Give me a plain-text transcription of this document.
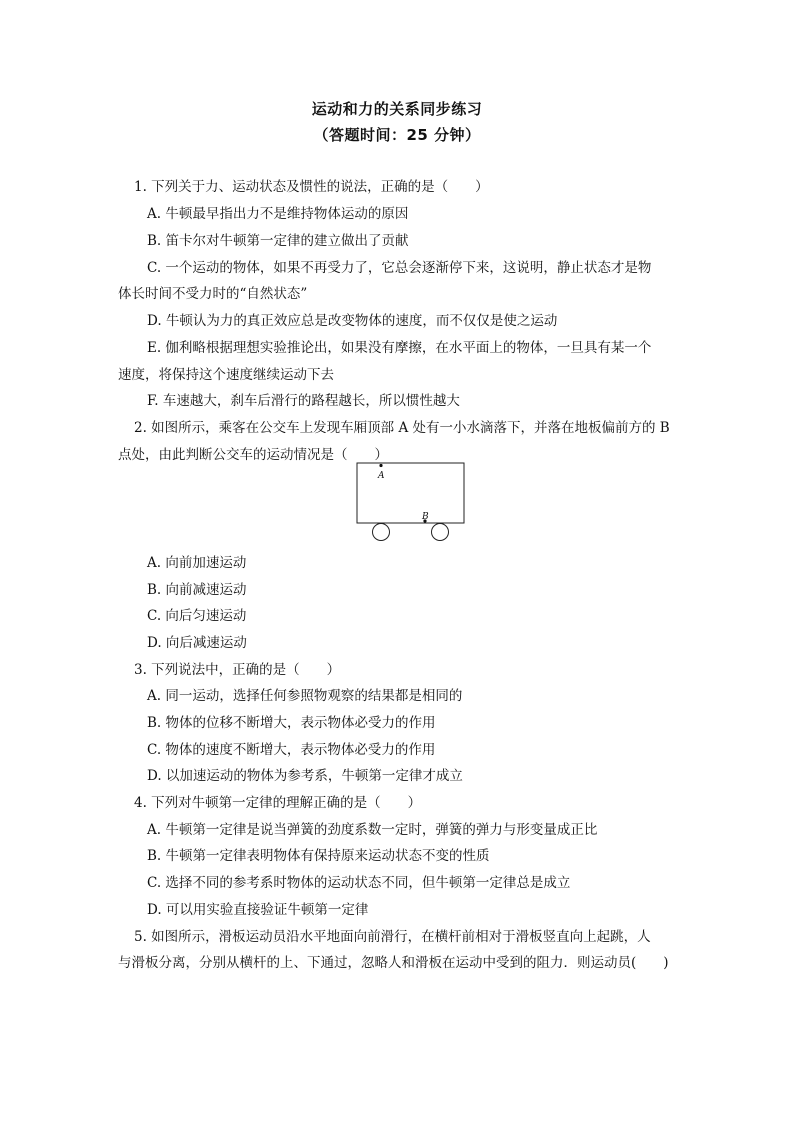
运动和力的关系同步练习
（答题时间：25 分钟）
1. 下列关于力、运动状态及惯性的说法，正确的是（　　）
A. 牛顿最早指出力不是维持物体运动的原因
B. 笛卡尔对牛顿第一定律的建立做出了贡献
C. 一个运动的物体，如果不再受力了，它总会逐渐停下来，这说明，静止状态才是物
体长时间不受力时的“自然状态”
D. 牛顿认为力的真正效应总是改变物体的速度，而不仅仅是使之运动
E. 伽利略根据理想实验推论出，如果没有摩擦，在水平面上的物体，一旦具有某一个
速度，将保持这个速度继续运动下去
F. 车速越大，刹车后滑行的路程越长，所以惯性越大
2. 如图所示，乘客在公交车上发现车厢顶部 A 处有一小水滴落下，并落在地板偏前方的 B
点处，由此判断公交车的运动情况是（　　）
A
B
A. 向前加速运动
B. 向前减速运动
C. 向后匀速运动
D. 向后减速运动
3. 下列说法中，正确的是（　　）
A. 同一运动，选择任何参照物观察的结果都是相同的
B. 物体的位移不断增大，表示物体必受力的作用
C. 物体的速度不断增大，表示物体必受力的作用
D. 以加速运动的物体为参考系，牛顿第一定律才成立
4. 下列对牛顿第一定律的理解正确的是（　　）
A. 牛顿第一定律是说当弹簧的劲度系数一定时，弹簧的弹力与形变量成正比
B. 牛顿第一定律表明物体有保持原来运动状态不变的性质
C. 选择不同的参考系时物体的运动状态不同，但牛顿第一定律总是成立
D. 可以用实验直接验证牛顿第一定律
5. 如图所示，滑板运动员沿水平地面向前滑行，在横杆前相对于滑板竖直向上起跳，人
与滑板分离，分别从横杆的上、下通过，忽略人和滑板在运动中受到的阻力．则运动员(　　)
